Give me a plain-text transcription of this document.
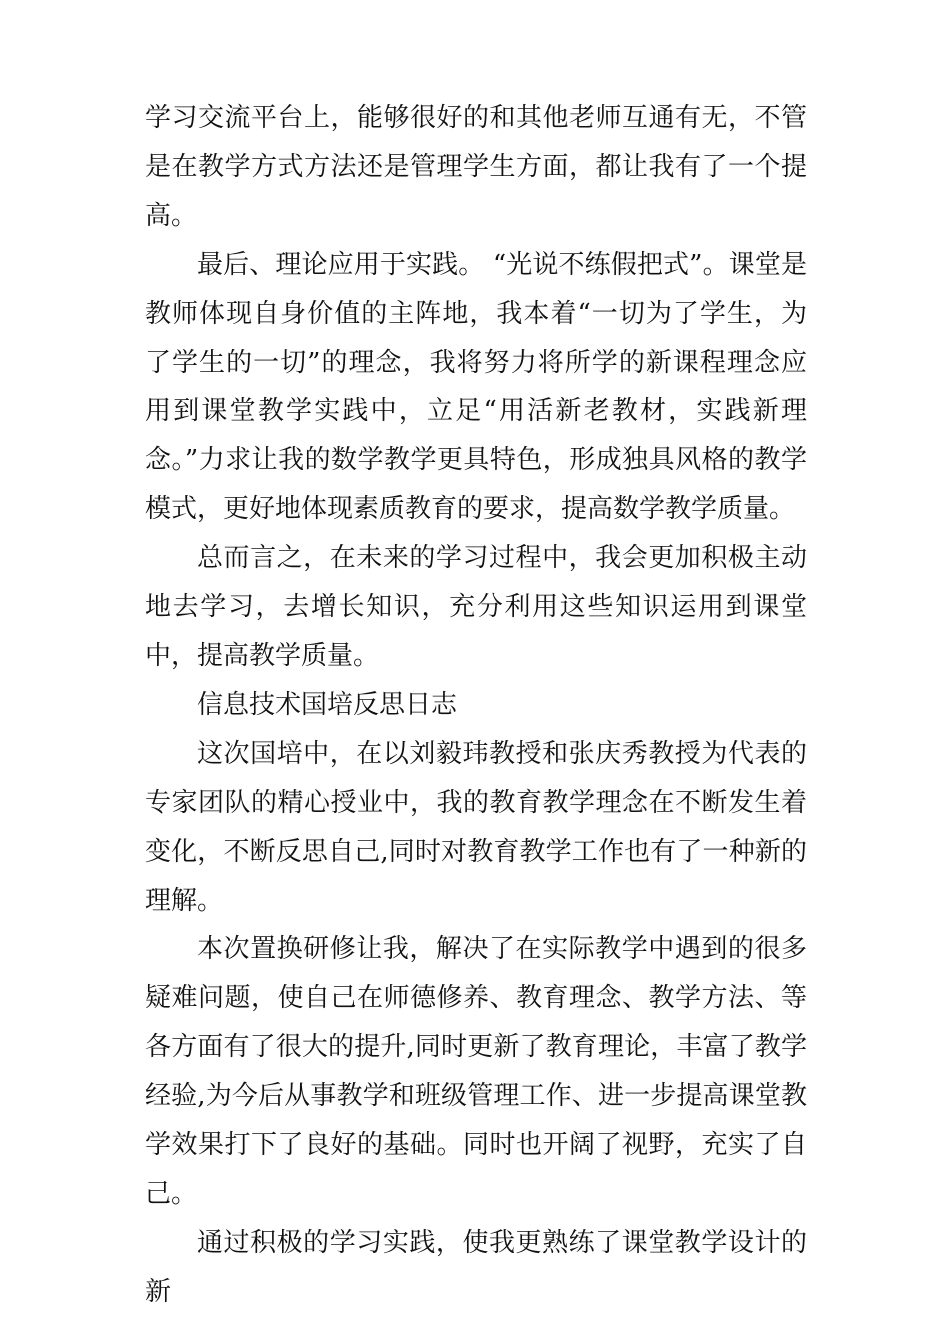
学习交流平台上，能够很好的和其他老师互通有无，不管是在教学方式方法还是管理学生方面，都让我有了一个提高。

最后、理论应用于实践。 “光说不练假把式”。课堂是教师体现自身价值的主阵地，我本着“一切为了学生，为了学生的一切”的理念，我将努力将所学的新课程理念应用到课堂教学实践中，立足“用活新老教材，实践新理念。”力求让我的数学教学更具特色，形成独具风格的教学模式，更好地体现素质教育的要求，提高数学教学质量。

总而言之，在未来的学习过程中，我会更加积极主动地去学习，去增长知识，充分利用这些知识运用到课堂中，提高教学质量。

信息技术国培反思日志

这次国培中，在以刘毅玮教授和张庆秀教授为代表的专家团队的精心授业中，我的教育教学理念在不断发生着变化，不断反思自己,同时对教育教学工作也有了一种新的理解。

本次置换研修让我，解决了在实际教学中遇到的很多疑难问题，使自己在师德修养、教育理念、教学方法、等各方面有了很大的提升,同时更新了教育理论，丰富了教学经验,为今后从事教学和班级管理工作、进一步提高课堂教学效果打下了良好的基础。同时也开阔了视野，充实了自己。

通过积极的学习实践，使我更熟练了课堂教学设计的新
